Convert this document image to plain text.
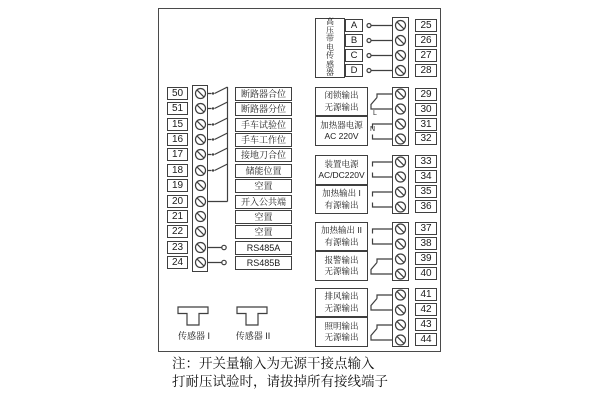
50
51
15
16
17
18
19
20
21
22
23
24
断路器合位
断路器分位
手车试验位
手车工作位
接地刀合位
储能位置
空置
开入公共端
空置
空置
RS485A
RS485B
高压带电传感器
A
B
C
D
25
26
27
28
闭锁输出
无源输出
加热器电源
AC 220V
装置电源
AC/DC220V
加热输出 I
有源输出
加热输出 II
有源输出
报警输出
无源输出
排风输出
无源输出
照明输出
无源输出
L
N
29
30
31
32
33
34
35
36
37
38
39
40
41
42
43
44
传感器 I	传感器 II
注：开关量输入为无源干接点输入
打耐压试验时，请拔掉所有接线端子
